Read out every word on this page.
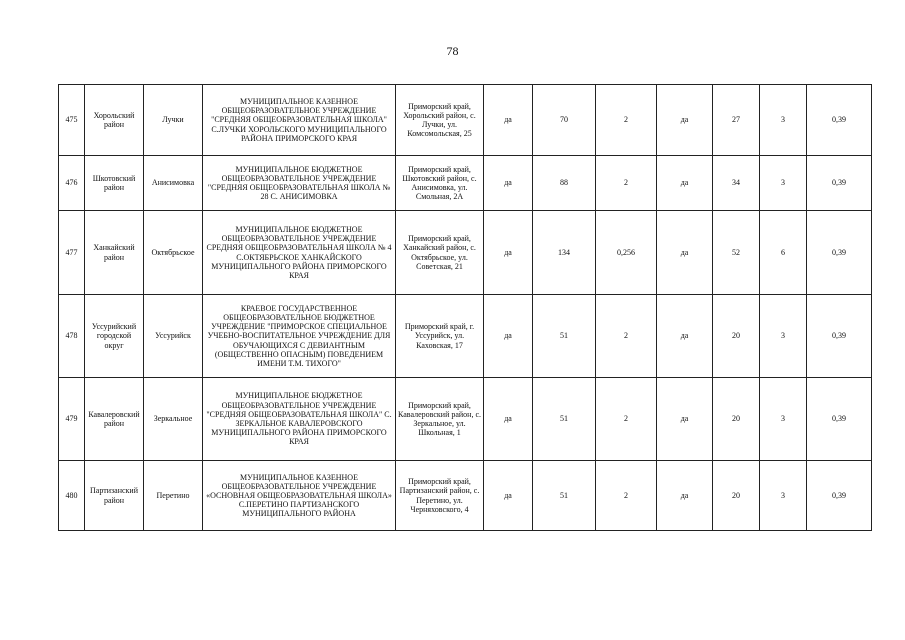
78
475	Хорольский район	Лучки	МУНИЦИПАЛЬНОЕ КАЗЕННОЕ ОБЩЕОБРАЗОВАТЕЛЬНОЕ УЧРЕЖДЕНИЕ "СРЕДНЯЯ ОБЩЕОБРАЗОВАТЕЛЬНАЯ ШКОЛА" С.ЛУЧКИ ХОРОЛЬСКОГО МУНИЦИПАЛЬНОГО РАЙОНА ПРИМОРСКОГО КРАЯ	Приморский край, Хорольский район, с. Лучки, ул. Комсомольская, 25	да	70	2	да	27	3	0,39
476	Шкотовский район	Анисимовка	МУНИЦИПАЛЬНОЕ БЮДЖЕТНОЕ ОБЩЕОБРАЗОВАТЕЛЬНОЕ УЧРЕЖДЕНИЕ "СРЕДНЯЯ ОБЩЕОБРАЗОВАТЕЛЬНАЯ ШКОЛА № 28 С. АНИСИМОВКА	Приморский край, Шкотовский район, с. Анисимовка, ул. Смольная, 2А	да	88	2	да	34	3	0,39
477	Ханкайский район	Октябрьское	МУНИЦИПАЛЬНОЕ БЮДЖЕТНОЕ ОБЩЕОБРАЗОВАТЕЛЬНОЕ УЧРЕЖДЕНИЕ СРЕДНЯЯ ОБЩЕОБРАЗОВАТЕЛЬНАЯ ШКОЛА № 4 С.ОКТЯБРЬСКОЕ ХАНКАЙСКОГО МУНИЦИПАЛЬНОГО РАЙОНА ПРИМОРСКОГО КРАЯ	Приморский край, Ханкайский район, с. Октябрьское, ул. Советская, 21	да	134	0,256	да	52	6	0,39
478	Уссурийский городской округ	Уссурийск	КРАЕВОЕ ГОСУДАРСТВЕННОЕ ОБЩЕОБРАЗОВАТЕЛЬНОЕ БЮДЖЕТНОЕ УЧРЕЖДЕНИЕ "ПРИМОРСКОЕ СПЕЦИАЛЬНОЕ УЧЕБНО-ВОСПИТАТЕЛЬНОЕ УЧРЕЖДЕНИЕ ДЛЯ ОБУЧАЮЩИХСЯ С ДЕВИАНТНЫМ (ОБЩЕСТВЕННО ОПАСНЫМ) ПОВЕДЕНИЕМ ИМЕНИ Т.М. ТИХОГО"	Приморский край, г. Уссурийск, ул. Каховская, 17	да	51	2	да	20	3	0,39
479	Кавалеровский район	Зеркальное	МУНИЦИПАЛЬНОЕ БЮДЖЕТНОЕ ОБЩЕОБРАЗОВАТЕЛЬНОЕ УЧРЕЖДЕНИЕ "СРЕДНЯЯ ОБЩЕОБРАЗОВАТЕЛЬНАЯ ШКОЛА" С. ЗЕРКАЛЬНОЕ КАВАЛЕРОВСКОГО МУНИЦИПАЛЬНОГО РАЙОНА ПРИМОРСКОГО КРАЯ	Приморский край, Кавалеровский район, с. Зеркальное, ул. Школьная, 1	да	51	2	да	20	3	0,39
480	Партизанский район	Перетино	МУНИЦИПАЛЬНОЕ КАЗЕННОЕ ОБЩЕОБРАЗОВАТЕЛЬНОЕ УЧРЕЖДЕНИЕ «ОСНОВНАЯ ОБЩЕОБРАЗОВАТЕЛЬНАЯ ШКОЛА» С.ПЕРЕТИНО ПАРТИЗАНСКОГО МУНИЦИПАЛЬНОГО РАЙОНА	Приморский край, Партизанский район, с. Перетино, ул. Черняховского, 4	да	51	2	да	20	3	0,39
